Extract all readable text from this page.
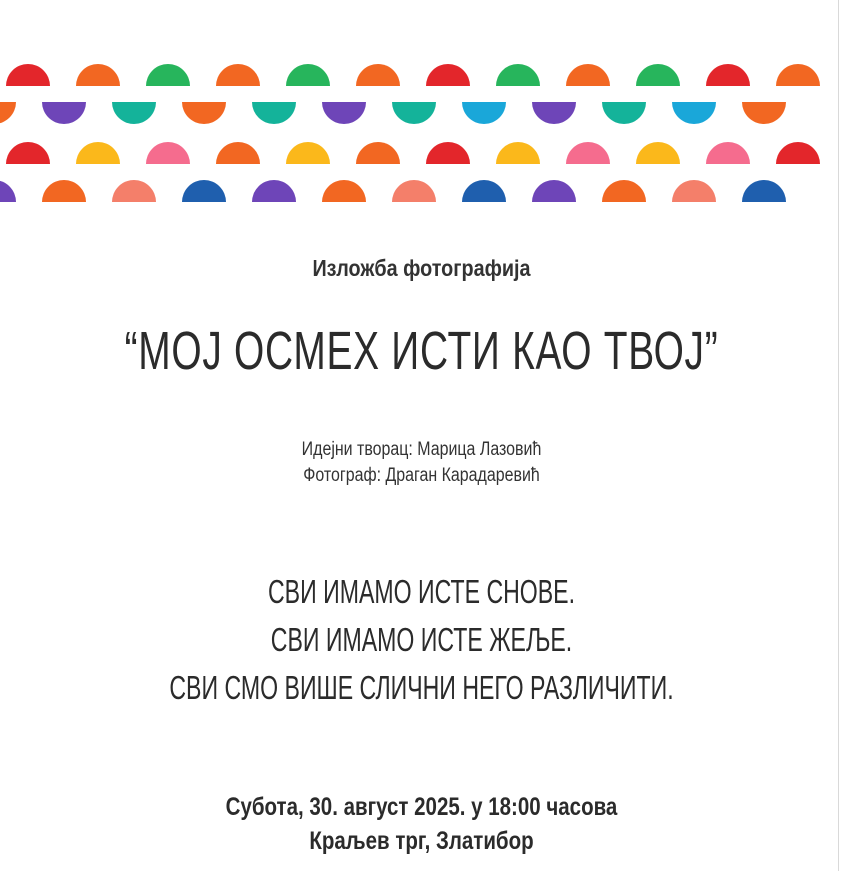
Изложба фотографија
“МОЈ ОСМЕХ ИСТИ КАО ТВОЈ”
Идејни творац: Марица Лазовић
Фотограф: Драган Карадаревић
СВИ ИМАМО ИСТЕ СНОВЕ.
СВИ ИМАМО ИСТЕ ЖЕЉЕ.
СВИ СМО ВИШЕ СЛИЧНИ НЕГО РАЗЛИЧИТИ.
Субота, 30. август 2025. у 18:00 часова
Краљев трг, Златибор
